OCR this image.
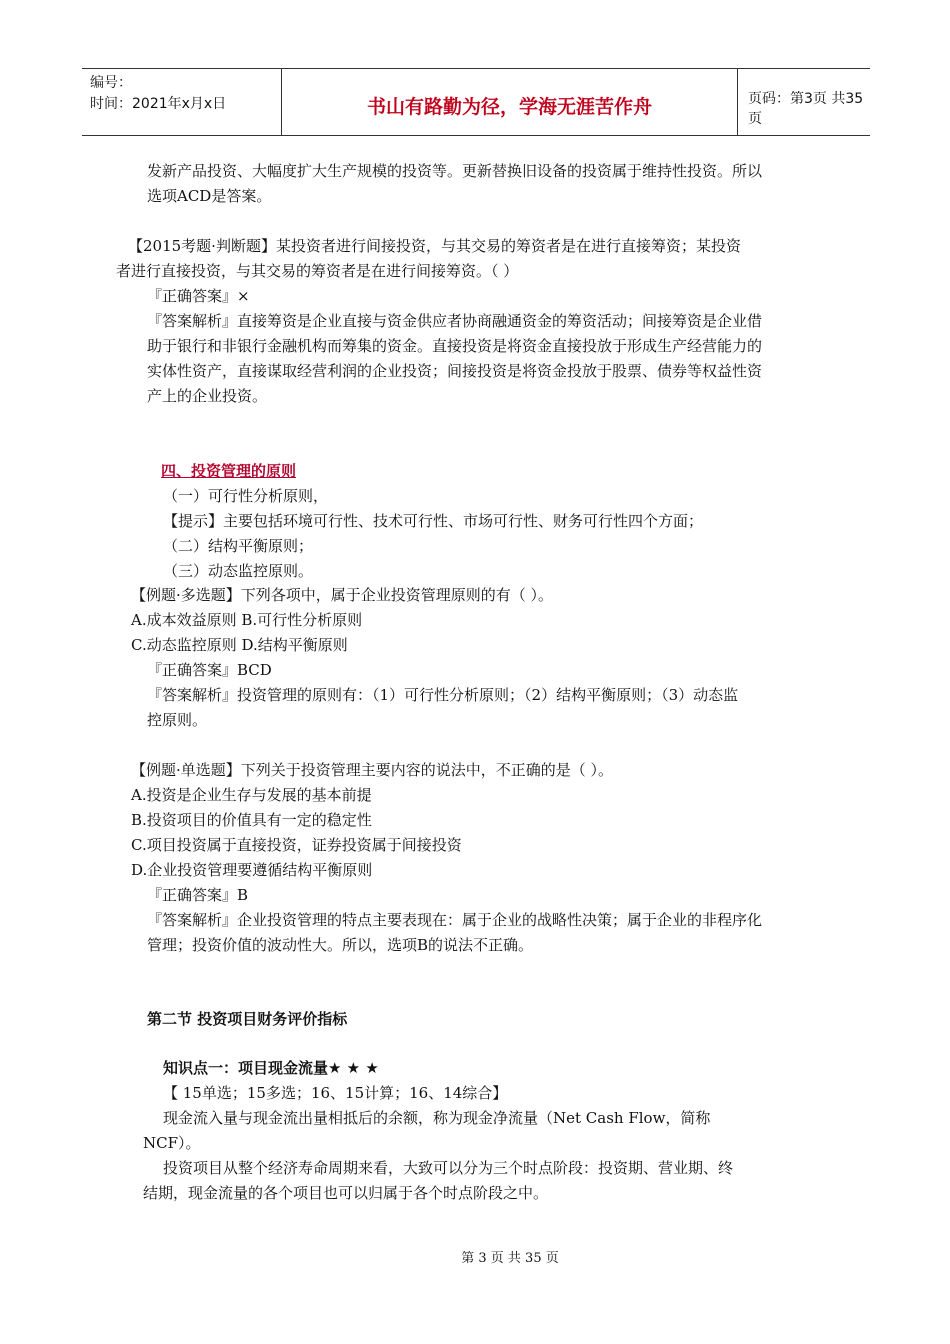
编号：
时间：2021年x月x日	书山有路勤为径，学海无涯苦作舟	页码：第3页 共35页
发新产品投资、大幅度扩大生产规模的投资等。更新替换旧设备的投资属于维持性投资。所以
选项ACD是答案。
【2015考题·判断题】某投资者进行间接投资，与其交易的筹资者是在进行直接筹资；某投资
者进行直接投资，与其交易的筹资者是在进行间接筹资。（ ）
『正确答案』×
『答案解析』直接筹资是企业直接与资金供应者协商融通资金的筹资活动；间接筹资是企业借
助于银行和非银行金融机构而筹集的资金。直接投资是将资金直接投放于形成生产经营能力的
实体性资产，直接谋取经营利润的企业投资；间接投资是将资金投放于股票、债券等权益性资
产上的企业投资。
四、投资管理的原则
（一）可行性分析原则，
【提示】主要包括环境可行性、技术可行性、市场可行性、财务可行性四个方面；
（二）结构平衡原则；
（三）动态监控原则。
【例题·多选题】下列各项中，属于企业投资管理原则的有（ ）。
A.成本效益原则 B.可行性分析原则
C.动态监控原则 D.结构平衡原则
『正确答案』BCD
『答案解析』投资管理的原则有：（1）可行性分析原则；（2）结构平衡原则；（3）动态监
控原则。
【例题·单选题】下列关于投资管理主要内容的说法中，不正确的是（ ）。
A.投资是企业生存与发展的基本前提
B.投资项目的价值具有一定的稳定性
C.项目投资属于直接投资，证券投资属于间接投资
D.企业投资管理要遵循结构平衡原则
『正确答案』B
『答案解析』企业投资管理的特点主要表现在：属于企业的战略性决策；属于企业的非程序化
管理；投资价值的波动性大。所以，选项B的说法不正确。
第二节 投资项目财务评价指标
知识点一：项目现金流量★ ★ ★
【 15单选；15多选；16、15计算；16、14综合】
现金流入量与现金流出量相抵后的余额，称为现金净流量（Net Cash Flow，简称
NCF）。
投资项目从整个经济寿命周期来看，大致可以分为三个时点阶段：投资期、营业期、终
结期，现金流量的各个项目也可以归属于各个时点阶段之中。
第 3 页 共 35 页
